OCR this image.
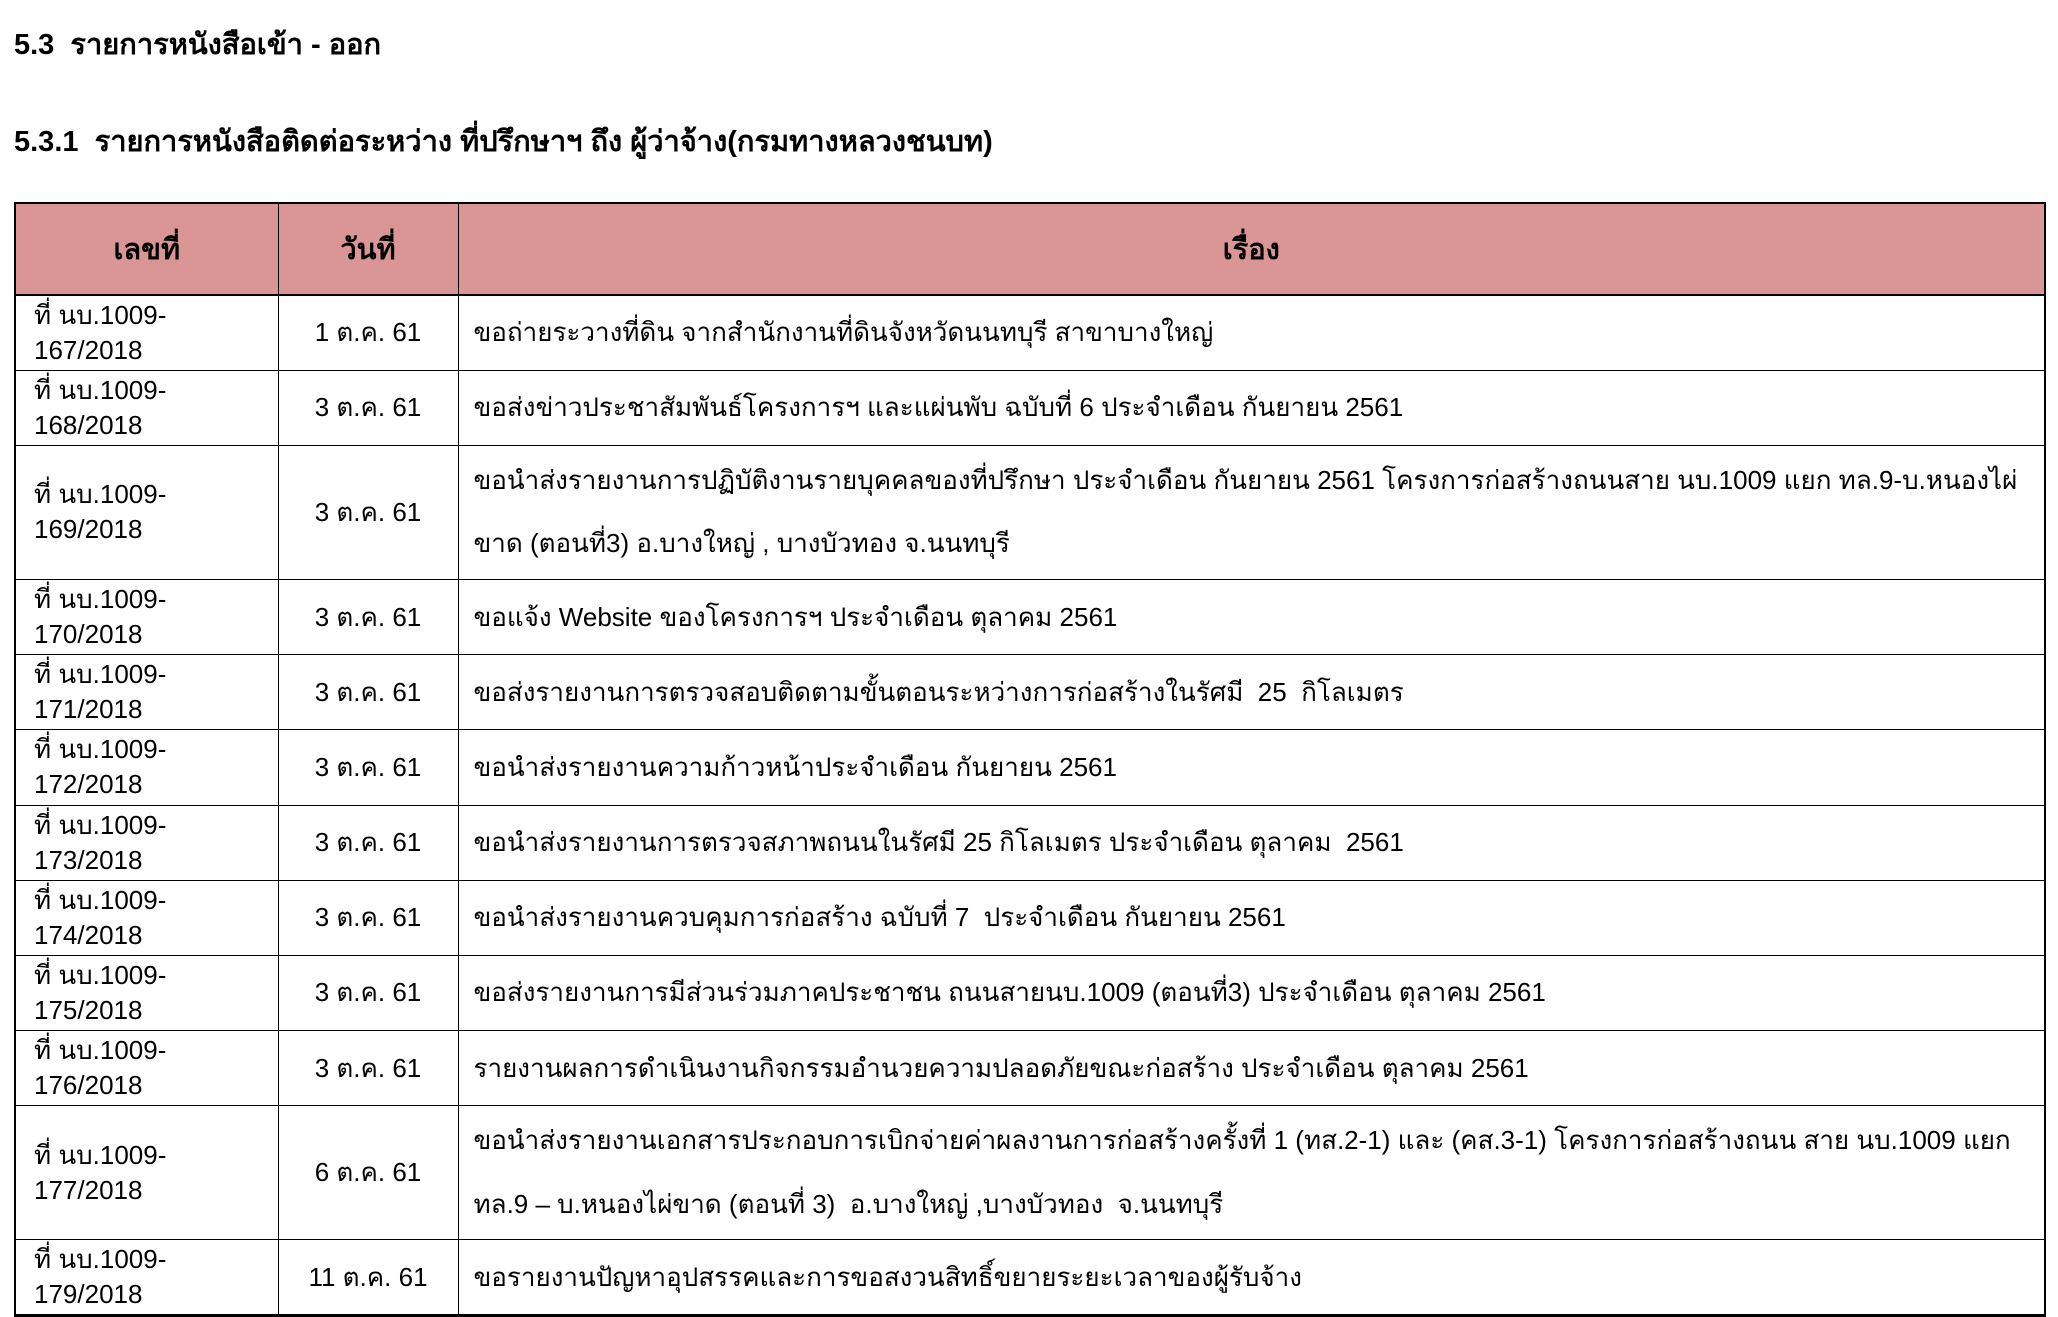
5.3  รายการหนังสือเข้า - ออก
5.3.1  รายการหนังสือติดต่อระหว่าง ที่ปรึกษาฯ ถึง ผู้ว่าจ้าง(กรมทางหลวงชนบท)
เลขที่	วันที่	เรื่อง
ที่ นบ.1009-167/2018	1 ต.ค. 61	ขอถ่ายระวางที่ดิน จากสำนักงานที่ดินจังหวัดนนทบุรี สาขาบางใหญ่
ที่ นบ.1009-168/2018	3 ต.ค. 61	ขอส่งข่าวประชาสัมพันธ์โครงการฯ และแผ่นพับ ฉบับที่ 6 ประจำเดือน กันยายน 2561
ที่ นบ.1009-169/2018	3 ต.ค. 61	ขอนำส่งรายงานการปฏิบัติงานรายบุคคลของที่ปรึกษา ประจำเดือน กันยายน 2561 โครงการก่อสร้างถนนสาย นบ.1009 แยก ทล.9-บ.หนองไผ่ขาด (ตอนที่3) อ.บางใหญ่ , บางบัวทอง จ.นนทบุรี
ที่ นบ.1009-170/2018	3 ต.ค. 61	ขอแจ้ง Website ของโครงการฯ ประจำเดือน ตุลาคม 2561
ที่ นบ.1009-171/2018	3 ต.ค. 61	ขอส่งรายงานการตรวจสอบติดตามขั้นตอนระหว่างการก่อสร้างในรัศมี  25  กิโลเมตร
ที่ นบ.1009-172/2018	3 ต.ค. 61	ขอนำส่งรายงานความก้าวหน้าประจำเดือน กันยายน 2561
ที่ นบ.1009-173/2018	3 ต.ค. 61	ขอนำส่งรายงานการตรวจสภาพถนนในรัศมี 25 กิโลเมตร ประจำเดือน ตุลาคม  2561
ที่ นบ.1009-174/2018	3 ต.ค. 61	ขอนำส่งรายงานควบคุมการก่อสร้าง ฉบับที่ 7  ประจำเดือน กันยายน 2561
ที่ นบ.1009-175/2018	3 ต.ค. 61	ขอส่งรายงานการมีส่วนร่วมภาคประชาชน ถนนสายนบ.1009 (ตอนที่3) ประจำเดือน ตุลาคม 2561
ที่ นบ.1009-176/2018	3 ต.ค. 61	รายงานผลการดำเนินงานกิจกรรมอำนวยความปลอดภัยขณะก่อสร้าง ประจำเดือน ตุลาคม 2561
ที่ นบ.1009-177/2018	6 ต.ค. 61	ขอนำส่งรายงานเอกสารประกอบการเบิกจ่ายค่าผลงานการก่อสร้างครั้งที่ 1 (ทส.2-1) และ (คส.3-1) โครงการก่อสร้างถนน สาย นบ.1009 แยก ทล.9 – บ.หนองไผ่ขาด (ตอนที่ 3)  อ.บางใหญ่ ,บางบัวทอง  จ.นนทบุรี
ที่ นบ.1009-179/2018	11 ต.ค. 61	ขอรายงานปัญหาอุปสรรคและการขอสงวนสิทธิ์ขยายระยะเวลาของผู้รับจ้าง
